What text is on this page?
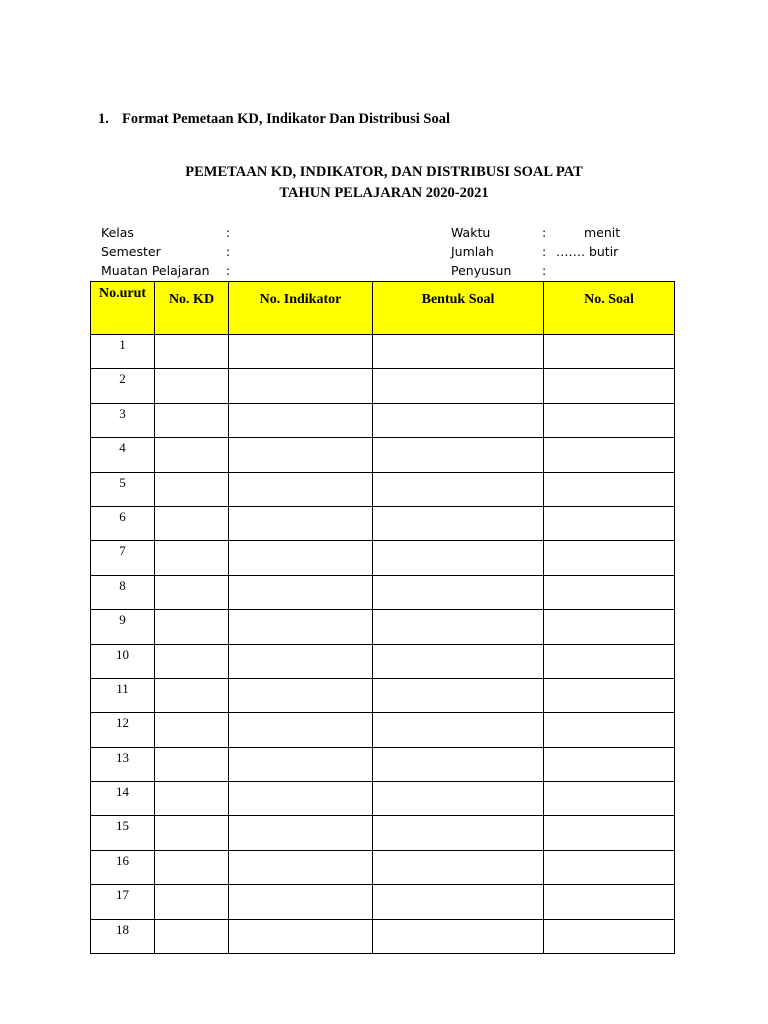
1. Format Pemetaan KD, Indikator Dan Distribusi Soal
PEMETAAN KD, INDIKATOR, DAN DISTRIBUSI SOAL PAT
TAHUN PELAJARAN 2020-2021
Kelas	:
Semester	:
Muatan Pelajaran	:
Waktu	:	menit
Jumlah	: ……. butir
Penyusun	:
No.urut	No. KD	No. Indikator	Bentuk Soal	No. Soal
1				
2				
3				
4				
5				
6				
7				
8				
9				
10				
11				
12				
13				
14				
15				
16				
17				
18				
